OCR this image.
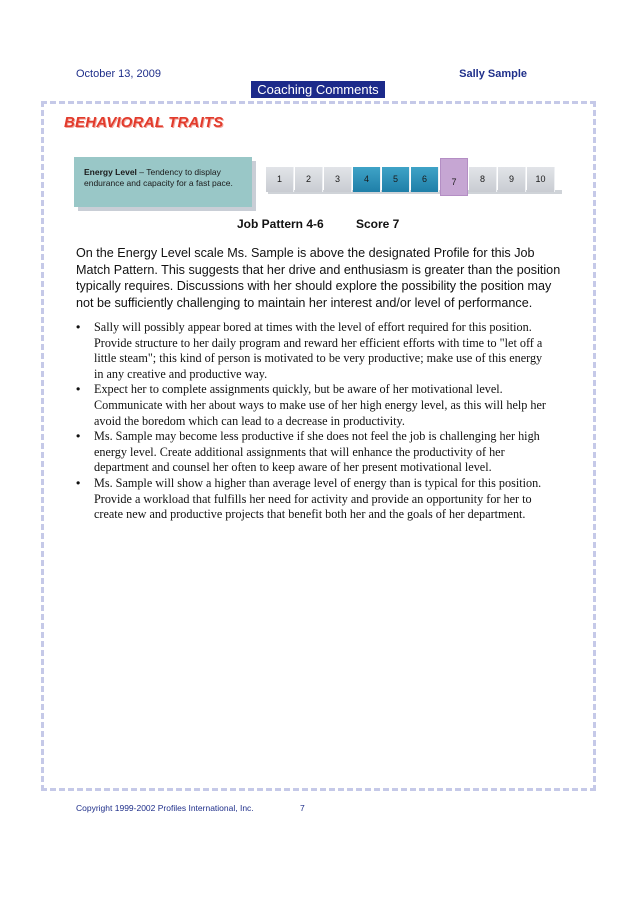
October 13, 2009	Sally Sample
Coaching Comments
BEHAVIORAL TRAITS
Energy Level – Tendency to display endurance and capacity for a fast pace.	1	2	3	4	5	6	7	8	9	10
Job Pattern 4-6	Score 7

On the Energy Level scale Ms. Sample is above the designated Profile for this Job Match Pattern. This suggests that her drive and enthusiasm is greater than the position typically requires. Discussions with her should explore the possibility the position may not be sufficiently challenging to maintain her interest and/or level of performance.

• Sally will possibly appear bored at times with the level of effort required for this position. Provide structure to her daily program and reward her efficient efforts with time to "let off a little steam"; this kind of person is motivated to be very productive; make use of this energy in any creative and productive way.
• Expect her to complete assignments quickly, but be aware of her motivational level. Communicate with her about ways to make use of her high energy level, as this will help her avoid the boredom which can lead to a decrease in productivity.
• Ms. Sample may become less productive if she does not feel the job is challenging her high energy level. Create additional assignments that will enhance the productivity of her department and counsel her often to keep aware of her present motivational level.
• Ms. Sample will show a higher than average level of energy than is typical for this position. Provide a workload that fulfills her need for activity and provide an opportunity for her to create new and productive projects that benefit both her and the goals of her department.
Copyright 1999-2002 Profiles International, Inc.	7
